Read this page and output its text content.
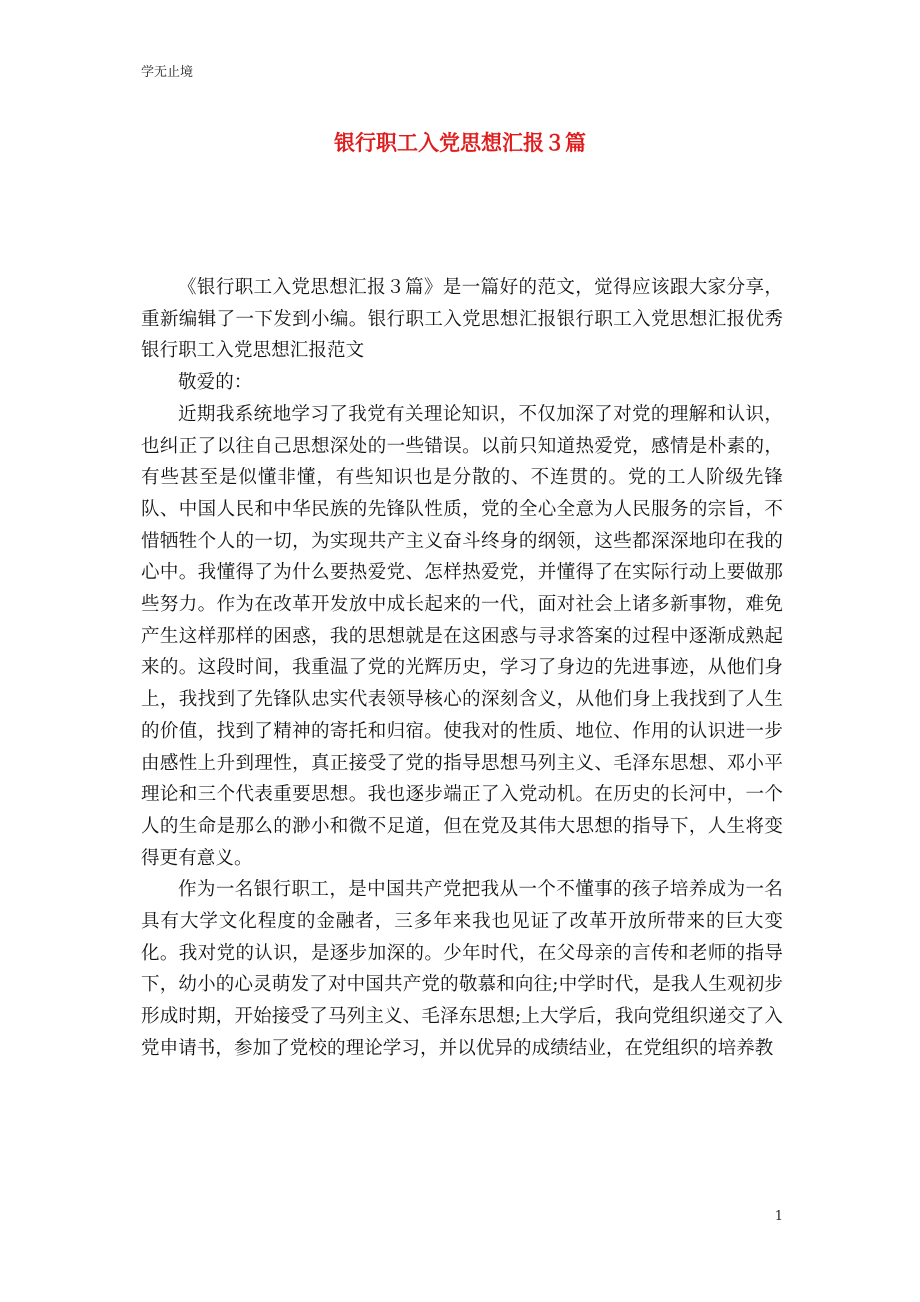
学无止境
银行职工入党思想汇报３篇

《银行职工入党思想汇报３篇》是一篇好的范文，觉得应该跟大家分享，重新编辑了一下发到小编。银行职工入党思想汇报银行职工入党思想汇报优秀银行职工入党思想汇报范文

敬爱的：

近期我系统地学习了我党有关理论知识，不仅加深了对党的理解和认识，也纠正了以往自己思想深处的一些错误。以前只知道热爱党，感情是朴素的，有些甚至是似懂非懂，有些知识也是分散的、不连贯的。党的工人阶级先锋队、中国人民和中华民族的先锋队性质，党的全心全意为人民服务的宗旨，不惜牺牲个人的一切，为实现共产主义奋斗终身的纲领，这些都深深地印在我的心中。我懂得了为什么要热爱党、怎样热爱党，并懂得了在实际行动上要做那些努力。作为在改革开发放中成长起来的一代，面对社会上诸多新事物，难免产生这样那样的困惑，我的思想就是在这困惑与寻求答案的过程中逐渐成熟起来的。这段时间，我重温了党的光辉历史，学习了身边的先进事迹，从他们身上，我找到了先锋队忠实代表领导核心的深刻含义，从他们身上我找到了人生的价值，找到了精神的寄托和归宿。使我对的性质、地位、作用的认识进一步由感性上升到理性，真正接受了党的指导思想马列主义、毛泽东思想、邓小平理论和三个代表重要思想。我也逐步端正了入党动机。在历史的长河中，一个人的生命是那么的渺小和微不足道，但在党及其伟大思想的指导下，人生将变得更有意义。

作为一名银行职工，是中国共产党把我从一个不懂事的孩子培养成为一名具有大学文化程度的金融者，三多年来我也见证了改革开放所带来的巨大变化。我对党的认识，是逐步加深的。少年时代，在父母亲的言传和老师的指导下，幼小的心灵萌发了对中国共产党的敬慕和向往;中学时代，是我人生观初步形成时期，开始接受了马列主义、毛泽东思想;上大学后，我向党组织递交了入党申请书，参加了党校的理论学习，并以优异的成绩结业，在党组织的培养教

1
